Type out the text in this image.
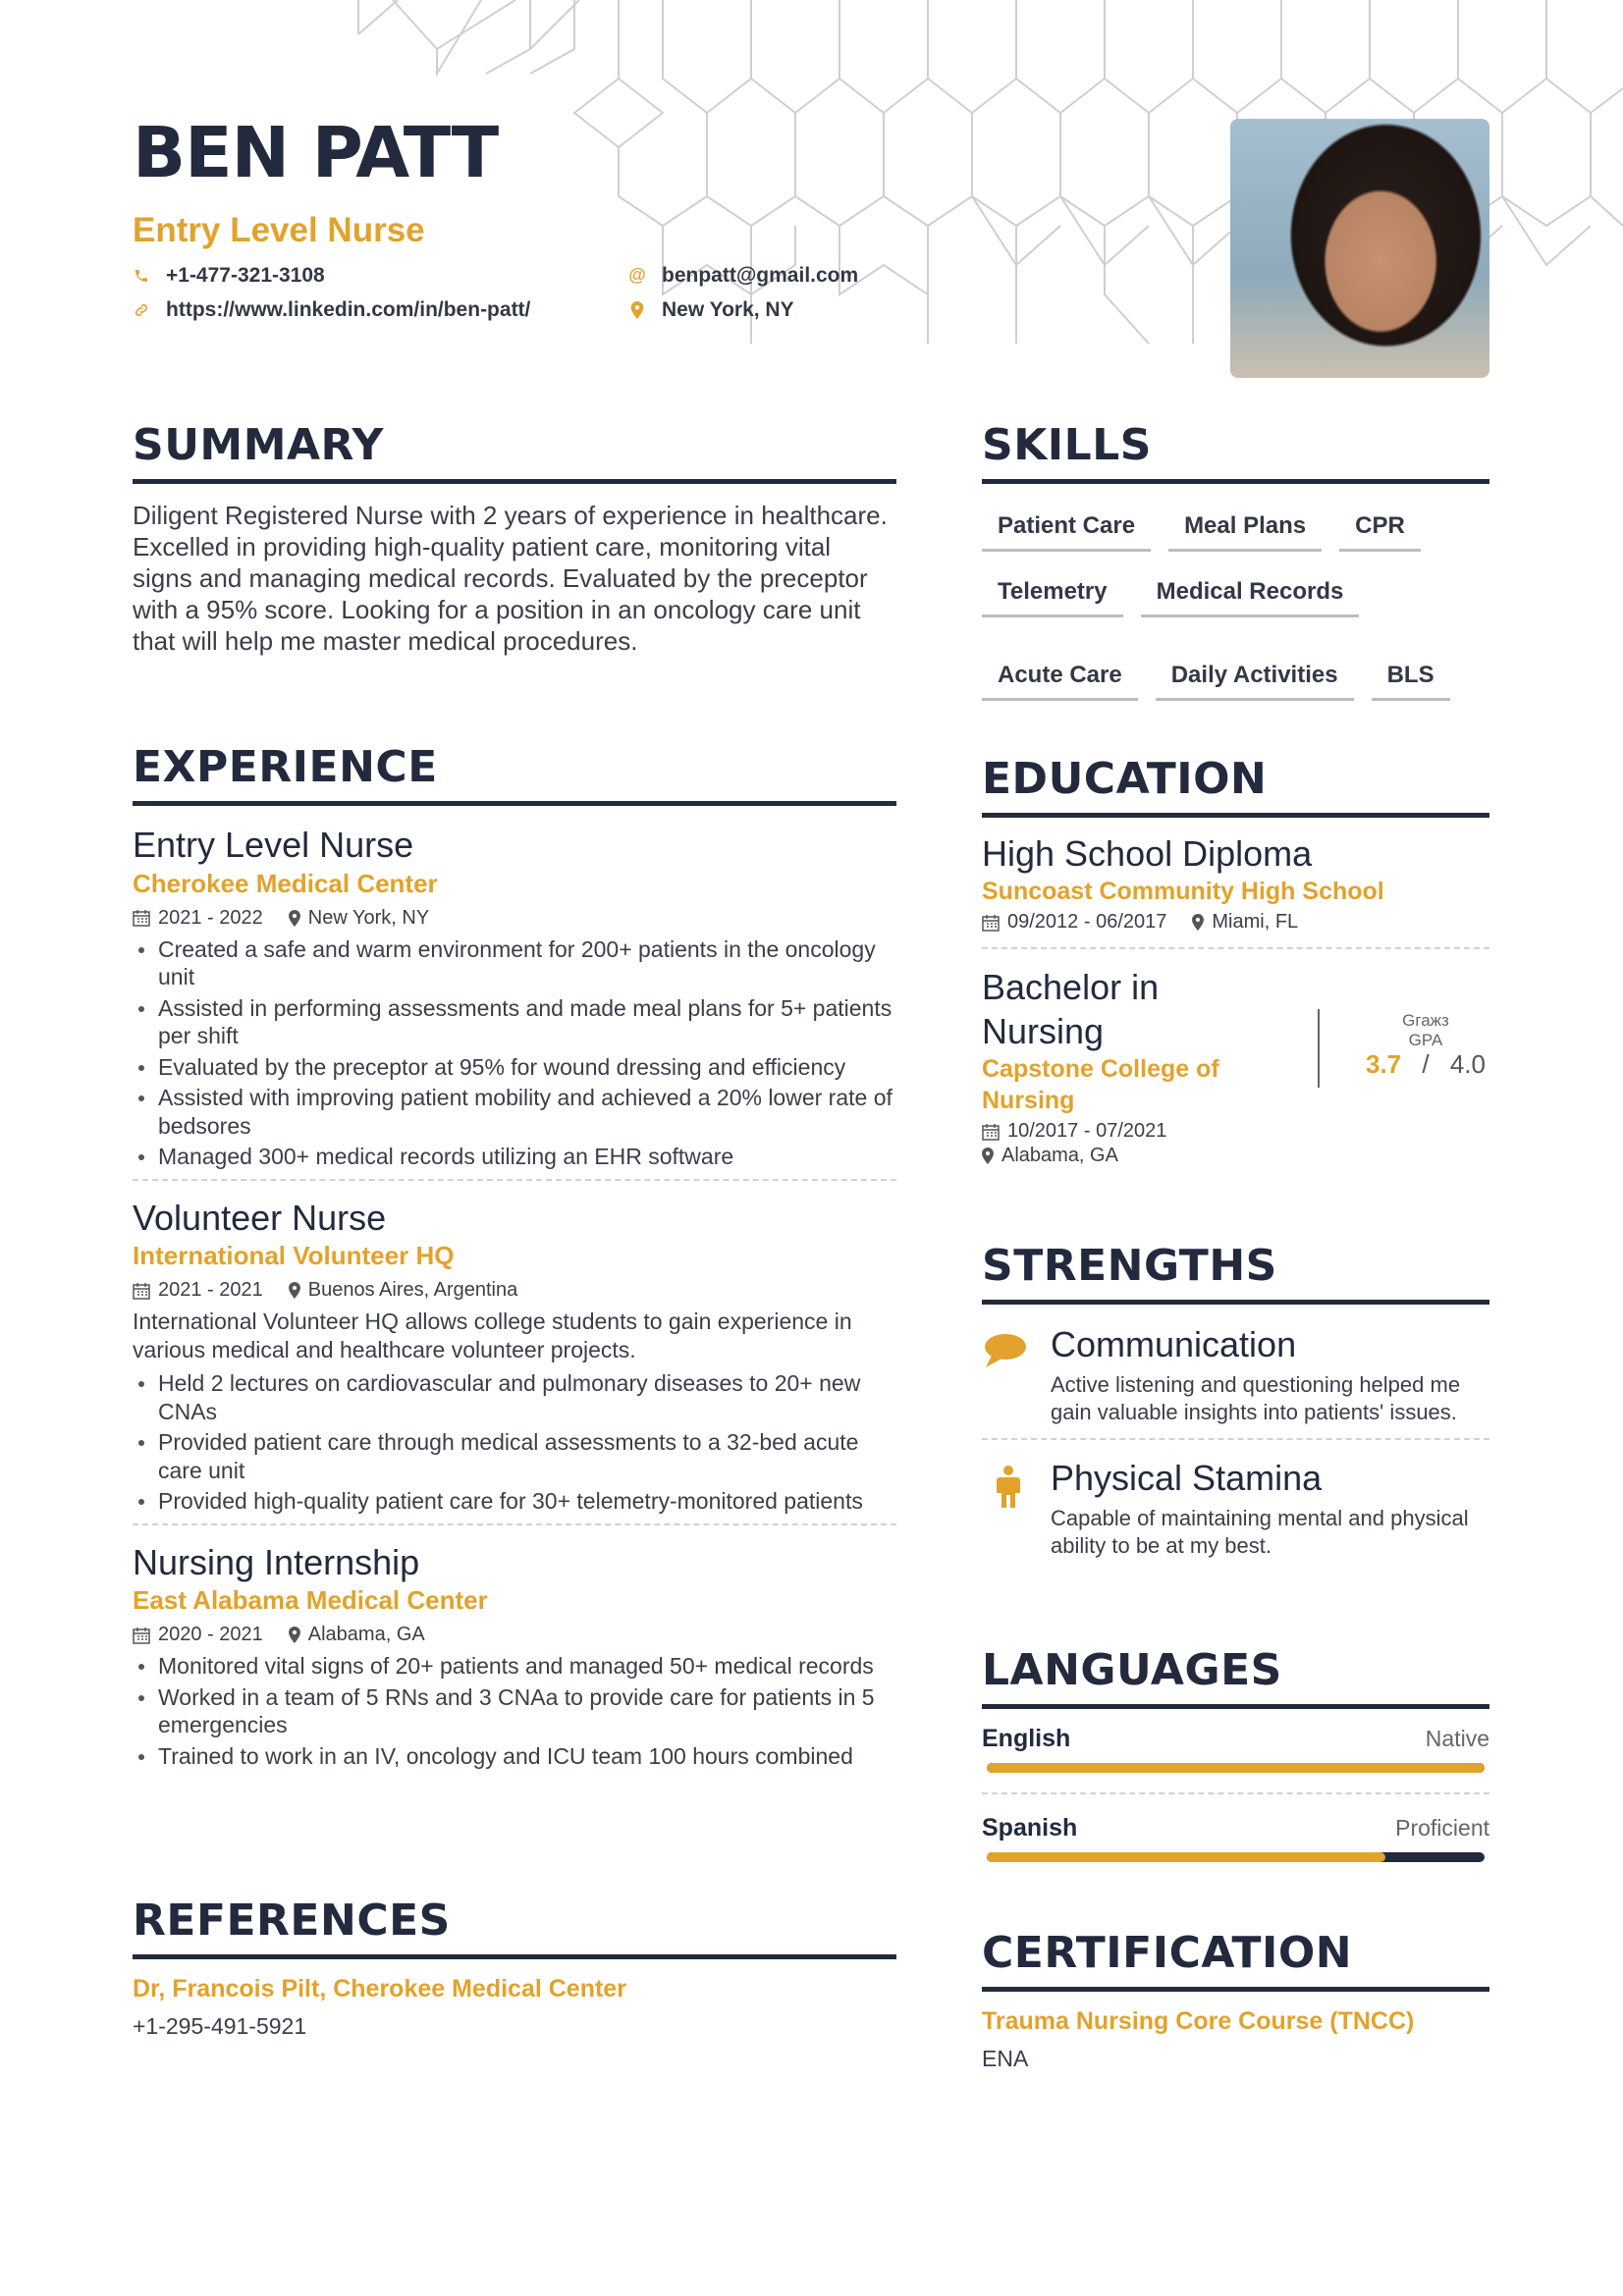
BEN PATT
Entry Level Nurse
+1-477-321-3108	@ benpatt@gmail.com
https://www.linkedin.com/in/ben-patt/	New York, NY
SUMMARY
Diligent Registered Nurse with 2 years of experience in healthcare. Excelled in providing high-quality patient care, monitoring vital signs and managing medical records. Evaluated by the preceptor with a 95% score. Looking for a position in an oncology care unit that will help me master medical procedures.
EXPERIENCE
Entry Level Nurse
Cherokee Medical Center
2021 - 2022 New York, NY
Created a safe and warm environment for 200+ patients in the oncology unit
Assisted in performing assessments and made meal plans for 5+ patients per shift
Evaluated by the preceptor at 95% for wound dressing and efficiency
Assisted with improving patient mobility and achieved a 20% lower rate of bedsores
Managed 300+ medical records utilizing an EHR software
Volunteer Nurse
International Volunteer HQ
2021 - 2021 Buenos Aires, Argentina
International Volunteer HQ allows college students to gain experience in various medical and healthcare volunteer projects.
Held 2 lectures on cardiovascular and pulmonary diseases to 20+ new CNAs
Provided patient care through medical assessments to a 32-bed acute care unit
Provided high-quality patient care for 30+ telemetry-monitored patients
Nursing Internship
East Alabama Medical Center
2020 - 2021 Alabama, GA
Monitored vital signs of 20+ patients and managed 50+ medical records
Worked in a team of 5 RNs and 3 CNAa to provide care for patients in 5 emergencies
Trained to work in an IV, oncology and ICU team 100 hours combined
REFERENCES
Dr, Francois Pilt, Cherokee Medical Center
+1-295-491-5921
SKILLS
Patient Care	Meal Plans	CPR
Telemetry	Medical Records
Acute Care	Daily Activities	BLS
EDUCATION
High School Diploma
Suncoast Community High School
09/2012 - 06/2017 Miami, FL
Bachelor in Nursing
Capstone College of Nursing
Gгажз
GPA
3.7 / 4.0
10/2017 - 07/2021
Alabama, GA
STRENGTHS
Communication
Active listening and questioning helped me gain valuable insights into patients' issues.
Physical Stamina
Capable of maintaining mental and physical ability to be at my best.
LANGUAGES
English	Native
Spanish	Proficient
CERTIFICATION
Trauma Nursing Core Course (TNCC)
ENA
